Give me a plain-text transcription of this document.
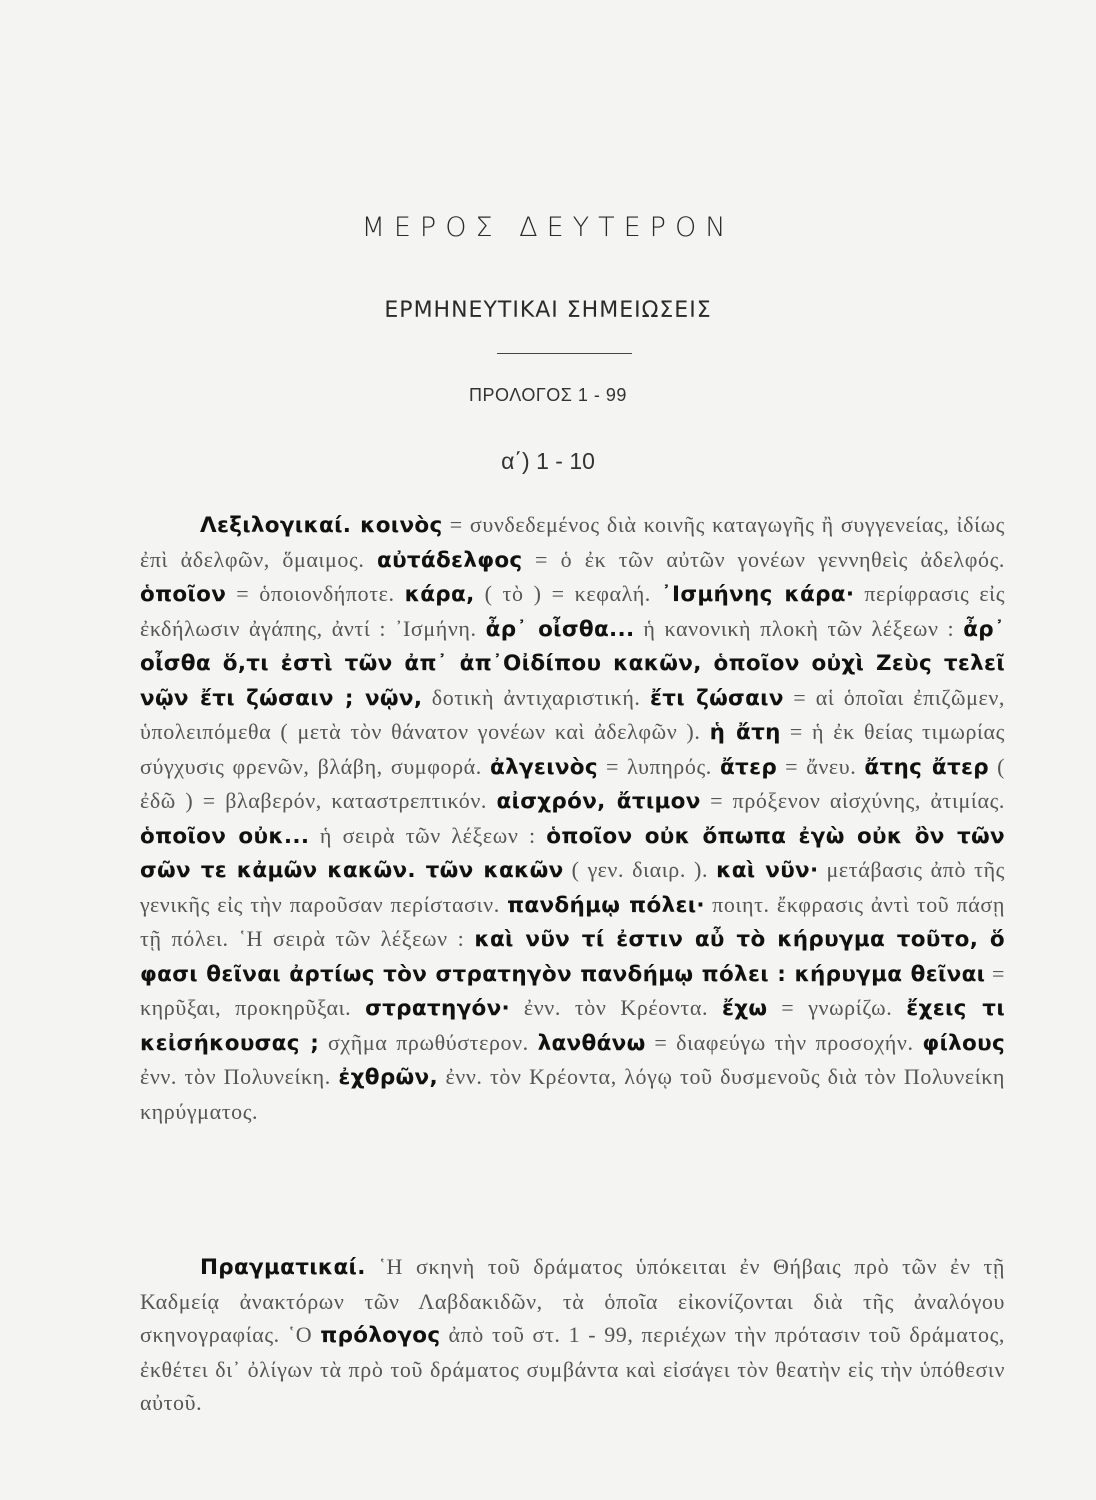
ΜΕΡΟΣ ΔΕΥΤΕΡΟΝ
ΕΡΜΗΝΕΥΤΙΚΑΙ ΣΗΜΕΙΩΣΕΙΣ
ΠΡΟΛΟΓΟΣ 1 - 99
α΄) 1 - 10
Λεξιλογικαί. κοινὸς = συνδεδεμένος διὰ κοινῆς καταγωγῆς ἢ συγγενείας, ἰδίως ἐπὶ ἀδελφῶν, ὅμαιμος. αὐτάδελφος = ὁ ἐκ τῶν αὐτῶν γονέων γεννηθεὶς ἀδελφός. ὁποῖον = ὁποιονδήποτε. κάρα, ( τὸ ) = κεφαλή. ᾽Ισμήνης κάρα· περίφρασις εἰς ἐκδήλωσιν ἀγάπης, ἀντί : ᾽Ισμήνη. ἆρ᾽ οἶσθα... ἡ κανονικὴ πλοκὴ τῶν λέξεων : ἆρ᾽ οἶσθα ὅ,τι ἐστὶ τῶν ἀπ᾽ ἀπ᾽Οἰδίπου κακῶν, ὁποῖον οὐχὶ Ζεὺς τελεῖ νῷν ἔτι ζώσαιν ; νῷν, δοτικὴ ἀντιχαριστική. ἔτι ζώσαιν = αἱ ὁποῖαι ἐπιζῶμεν, ὑπολειπόμεθα ( μετὰ τὸν θάνατον γονέων καὶ ἀδελφῶν ). ἡ ἄτη = ἡ ἐκ θείας τιμωρίας σύγχυσις φρενῶν, βλάβη, συμφορά. ἀλγεινὸς = λυπηρός. ἄτερ = ἄνευ. ἄτης ἄτερ ( ἐδῶ ) = βλαβερόν, καταστρεπτικόν. αἰσχρόν, ἄτιμον = πρόξενον αἰσχύνης, ἀτιμίας. ὁποῖον οὐκ... ἡ σειρὰ τῶν λέξεων : ὁποῖον οὐκ ὄπωπα ἐγὼ οὐκ ὂν τῶν σῶν τε κἀμῶν κακῶν. τῶν κακῶν ( γεν. διαιρ. ). καὶ νῦν· μετάβασις ἀπὸ τῆς γενικῆς εἰς τὴν παροῦσαν περίστασιν. πανδήμῳ πόλει· ποιητ. ἔκφρασις ἀντὶ τοῦ πάσῃ τῇ πόλει. ῾Η σειρὰ τῶν λέξεων : καὶ νῦν τί ἐστιν αὖ τὸ κήρυγμα τοῦτο, ὅ φασι θεῖναι ἀρτίως τὸν στρατηγὸν πανδήμῳ πόλει : κήρυγμα θεῖναι = κηρῦξαι, προκηρῦξαι. στρατηγόν· ἐνν. τὸν Κρέοντα. ἔχω = γνωρίζω. ἔχεις τι κεἰσήκουσας ; σχῆμα πρωθύστερον. λανθάνω = διαφεύγω τὴν προσοχήν. φίλους ἐνν. τὸν Πολυνείκη. ἐχθρῶν, ἐνν. τὸν Κρέοντα, λόγῳ τοῦ δυσμενοῦς διὰ τὸν Πολυνείκη κηρύγματος.
Πραγματικαί. ῾Η σκηνὴ τοῦ δράματος ὑπόκειται ἐν Θήβαις πρὸ τῶν ἐν τῇ Καδμείᾳ ἀνακτόρων τῶν Λαβδακιδῶν, τὰ ὁποῖα εἰκονίζονται διὰ τῆς ἀναλόγου σκηνογραφίας. ῾Ο πρόλογος ἀπὸ τοῦ στ. 1 - 99, περιέχων τὴν πρότασιν τοῦ δράματος, ἐκθέτει δι᾽ ὀλίγων τὰ πρὸ τοῦ δράματος συμβάντα καὶ εἰσάγει τὸν θεατὴν εἰς τὴν ὑπόθεσιν αὐτοῦ.
